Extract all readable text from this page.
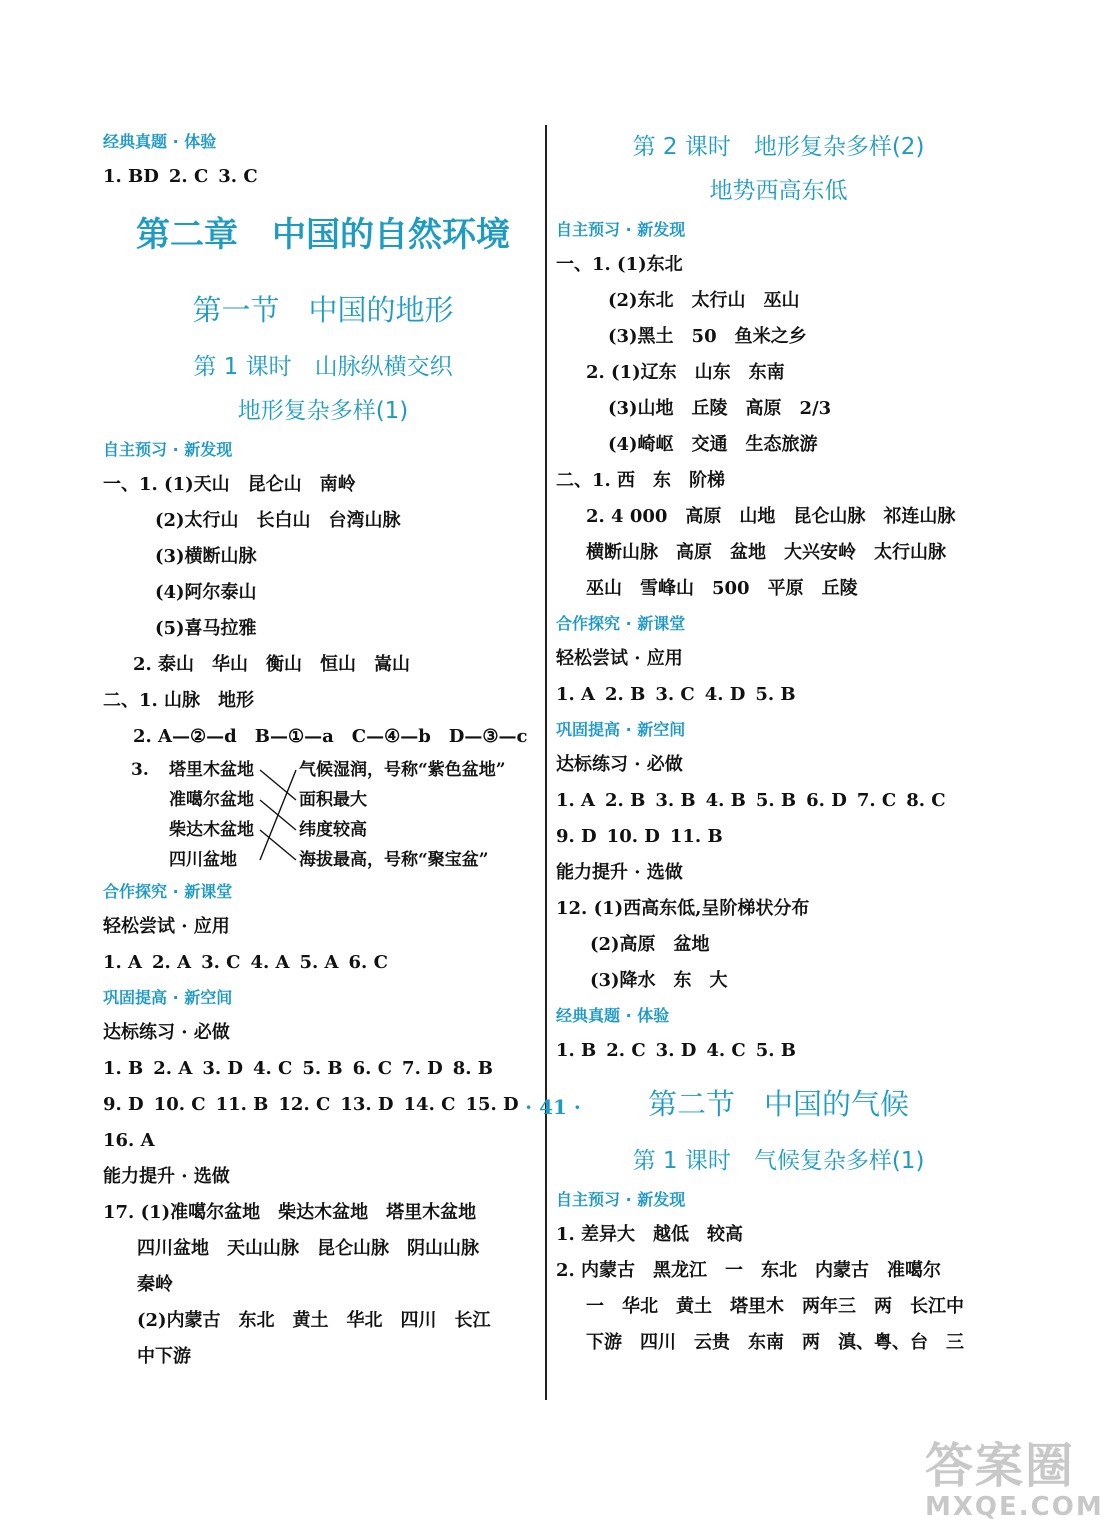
经典真题 · 体验
1. BD 2. C 3. C
第二章　中国的自然环境
第一节　中国的地形
第 1 课时　山脉纵横交织
地形复杂多样(1)
自主预习 · 新发现
一、1. (1)天山　昆仑山　南岭
(2)太行山　长白山　台湾山脉
(3)横断山脉
(4)阿尔泰山
(5)喜马拉雅
2. 泰山　华山　衡山　恒山　嵩山
二、1. 山脉　地形
2. A—②—d　B—①—a　C—④—b　D—③—c
3. 塔里木盆地
准噶尔盆地
柴达木盆地
四川盆地
气候湿润，号称“紫色盆地”
面积最大
纬度较高
海拔最高，号称“聚宝盆”
合作探究 · 新课堂
轻松尝试 · 应用
1. A 2. A 3. C 4. A 5. A 6. C
巩固提高 · 新空间
达标练习 · 必做
1. B 2. A 3. D 4. C 5. B 6. C 7. D 8. B
9. D 10. C 11. B 12. C 13. D 14. C 15. D
16. A
能力提升 · 选做
17. (1)准噶尔盆地　柴达木盆地　塔里木盆地
四川盆地　天山山脉　昆仑山脉　阴山山脉
秦岭
(2)内蒙古　东北　黄土　华北　四川　长江
中下游
第 2 课时　地形复杂多样(2)
地势西高东低
自主预习 · 新发现
一、1. (1)东北
(2)东北　太行山　巫山
(3)黑土　50　鱼米之乡
2. (1)辽东　山东　东南
(3)山地　丘陵　高原　2/3
(4)崎岖　交通　生态旅游
二、1. 西　东　阶梯
2. 4 000　高原　山地　昆仑山脉　祁连山脉
横断山脉　高原　盆地　大兴安岭　太行山脉
巫山　雪峰山　500　平原　丘陵
合作探究 · 新课堂
轻松尝试 · 应用
1. A 2. B 3. C 4. D 5. B
巩固提高 · 新空间
达标练习 · 必做
1. A 2. B 3. B 4. B 5. B 6. D 7. C 8. C
9. D 10. D 11. B
能力提升 · 选做
12. (1)西高东低,呈阶梯状分布
(2)高原　盆地
(3)降水　东　大
经典真题 · 体验
1. B 2. C 3. D 4. C 5. B
第二节　中国的气候
第 1 课时　气候复杂多样(1)
自主预习 · 新发现
1. 差异大　越低　较高
2. 内蒙古　黑龙江　一　东北　内蒙古　准噶尔
一　华北　黄土　塔里木　两年三　两　长江中
下游　四川　云贵　东南　两　滇、粤、台　三
· 41 ·
答案圈
MXQE.COM
